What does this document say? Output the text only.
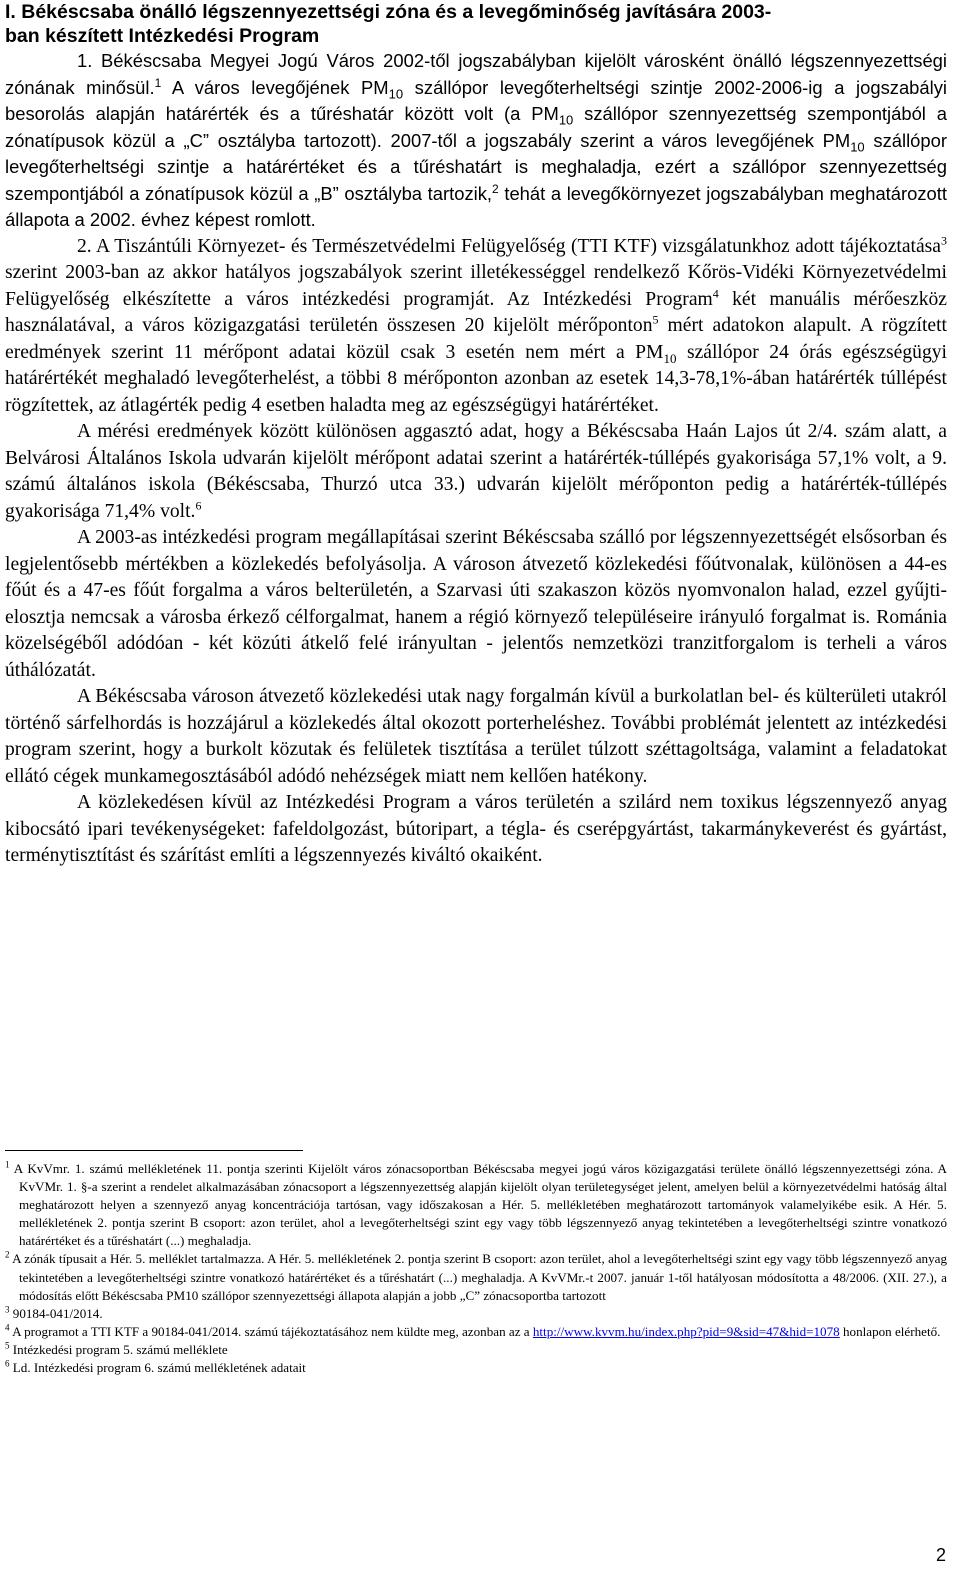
I. Békéscsaba önálló légszennyezettségi zóna és a levegőminőség javítására 2003-
ban készített Intézkedési Program

1. Békéscsaba Megyei Jogú Város 2002-től jogszabályban kijelölt városként önálló légszennyezettségi zónának minősül.$^1$ A város levegőjének $PM_{10}$ szállópor levegőterheltségi szintje 2002-2006-ig a jogszabályi besorolás alapján határérték és a tűréshatár között volt (a $PM_{10}$ szállópor szennyezettség szempontjából a zónatípusok közül a „C” osztályba tartozott). 2007-től a jogszabály szerint a város levegőjének $PM_{10}$ szállópor levegőterheltségi szintje a határértéket és a tűréshatárt is meghaladja, ezért a szállópor szennyezettség szempontjából a zónatípusok közül a „B” osztályba tartozik,$^2$ tehát a levegőkörnyezet jogszabályban meghatározott állapota a 2002. évhez képest romlott.

2. A Tiszántúli Környezet- és Természetvédelmi Felügyelőség (TTI KTF) vizsgálatunkhoz adott tájékoztatása$^3$ szerint 2003-ban az akkor hatályos jogszabályok szerint illetékességgel rendelkező Kőrös-Vidéki Környezetvédelmi Felügyelőség elkészítette a város intézkedési programját. Az Intézkedési Program$^4$ két manuális mérőeszköz használatával, a város közigazgatási területén összesen 20 kijelölt mérőponton$^5$ mért adatokon alapult. A rögzített eredmények szerint 11 mérőpont adatai közül csak 3 esetén nem mért a $PM_{10}$ szállópor 24 órás egészségügyi határértékét meghaladó levegőterhelést, a többi 8 mérőponton azonban az esetek 14,3-78,1%-ában határérték túllépést rögzítettek, az átlagérték pedig 4 esetben haladta meg az egészségügyi határértéket.

A mérési eredmények között különösen aggasztó adat, hogy a Békéscsaba Haán Lajos út 2/4. szám alatt, a Belvárosi Általános Iskola udvarán kijelölt mérőpont adatai szerint a határérték-túllépés gyakorisága 57,1% volt, a 9. számú általános iskola (Békéscsaba, Thurzó utca 33.) udvarán kijelölt mérőponton pedig a határérték-túllépés gyakorisága 71,4% volt.$^6$

A 2003-as intézkedési program megállapításai szerint Békéscsaba szálló por légszennyezettségét elsősorban és legjelentősebb mértékben a közlekedés befolyásolja. A városon átvezető közlekedési főútvonalak, különösen a 44-es főút és a 47-es főút forgalma a város belterületén, a Szarvasi úti szakaszon közös nyomvonalon halad, ezzel gyűjti-elosztja nemcsak a városba érkező célforgalmat, hanem a régió környező településeire irányuló forgalmat is. Románia közelségéből adódóan - két közúti átkelő felé irányultan - jelentős nemzetközi tranzitforgalom is terheli a város úthálózatát.

A Békéscsaba városon átvezető közlekedési utak nagy forgalmán kívül a burkolatlan bel- és külterületi utakról történő sárfelhordás is hozzájárul a közlekedés által okozott porterheléshez. További problémát jelentett az intézkedési program szerint, hogy a burkolt közutak és felületek tisztítása a terület túlzott széttagoltsága, valamint a feladatokat ellátó cégek munkamegosztásából adódó nehézségek miatt nem kellően hatékony.

A közlekedésen kívül az Intézkedési Program a város területén a szilárd nem toxikus légszennyező anyag kibocsátó ipari tevékenységeket: fafeldolgozást, bútoripart, a tégla- és cserépgyártást, takarmánykeverést és gyártást, terménytisztítást és szárítást említi a légszennyezés kiváltó okaiként.

$^1$ A KvVmr. 1. számú mellékletének 11. pontja szerinti Kijelölt város zónacsoportban Békéscsaba megyei jogú város közigazgatási területe önálló légszennyezettségi zóna. A KvVMr. 1. §-a szerint a rendelet alkalmazásában zónacsoport a légszennyezettség alapján kijelölt olyan területegységet jelent, amelyen belül a környezetvédelmi hatóság által meghatározott helyen a szennyező anyag koncentrációja tartósan, vagy időszakosan a Hér. 5. mellékletében meghatározott tartományok valamelyikébe esik. A Hér. 5. mellékletének 2. pontja szerint B csoport: azon terület, ahol a levegőterheltségi szint egy vagy több légszennyező anyag tekintetében a levegőterheltségi szintre vonatkozó határértéket és a tűréshatárt (...) meghaladja.

$^2$ A zónák típusait a Hér. 5. melléklet tartalmazza. A Hér. 5. mellékletének 2. pontja szerint B csoport: azon terület, ahol a levegőterheltségi szint egy vagy több légszennyező anyag tekintetében a levegőterheltségi szintre vonatkozó határértéket és a tűréshatárt (...) meghaladja. A KvVMr.-t 2007. január 1-től hatályosan módosította a 48/2006. (XII. 27.), a módosítás előtt Békéscsaba PM10 szállópor szennyezettségi állapota alapján a jobb „C” zónacsoportba tartozott

$^3$ 90184-041/2014.

$^4$ A programot a TTI KTF a 90184-041/2014. számú tájékoztatásához nem küldte meg, azonban az a http://www.kvvm.hu/index.php?pid=9&sid=47&hid=1078 honlapon elérhető.

$^5$ Intézkedési program 5. számú melléklete

$^6$ Ld. Intézkedési program 6. számú mellékletének adatait

2
